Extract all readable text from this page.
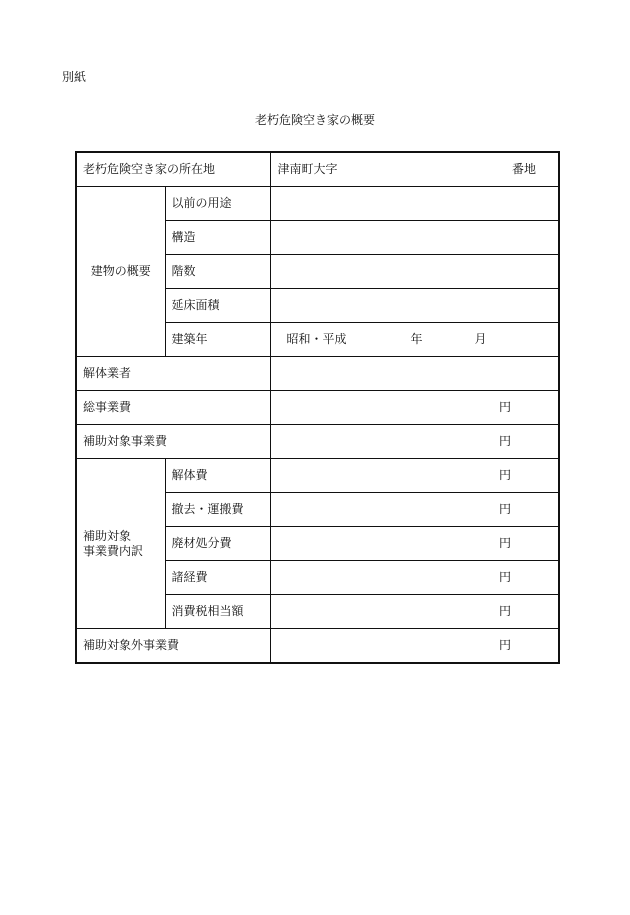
別紙
老朽危険空き家の概要
老朽危険空き家の所在地		津南町大字 番地

建物の概要	以前の用途	
	構造	
	階数	
	延床面積	
	建築年	昭和・平成 年 月

解体業者		
総事業費		円

補助対象事業費		円

補助対象
事業費内訳	解体費	円

	撤去・運搬費	円

	廃材処分費	円

	諸経費	円

	消費税相当額	円

補助対象外事業費		円
